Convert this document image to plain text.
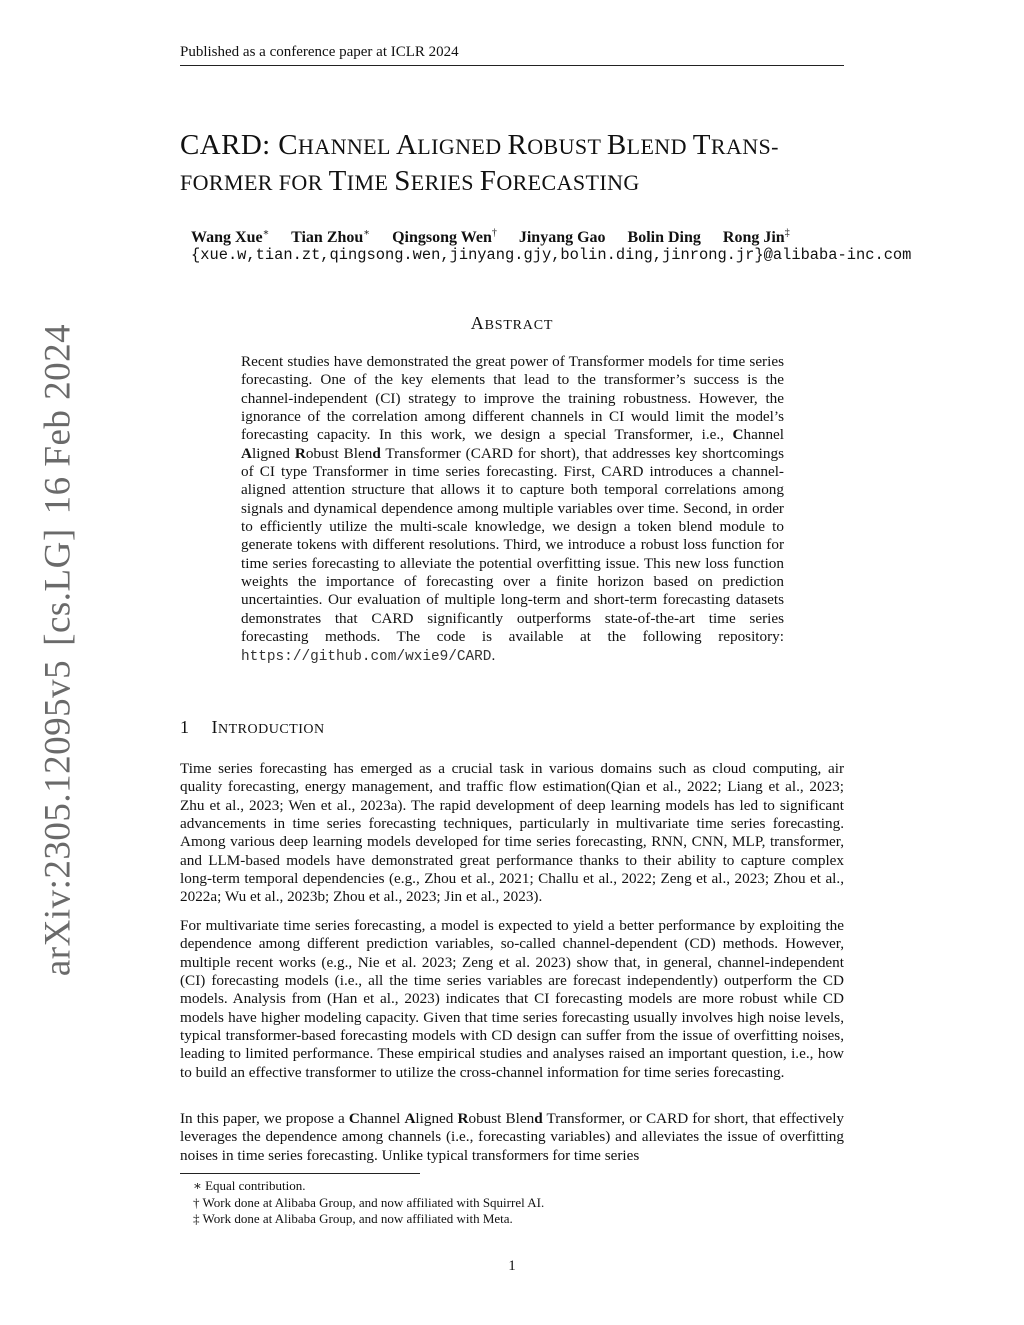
Published as a conference paper at ICLR 2024
arXiv:2305.12095v5[cs.LG]16 Feb 2024
CARD: CHANNEL ALIGNED ROBUST BLEND TRANS-
FORMER FOR TIME SERIES FORECASTING
Wang Xue∗ Tian Zhou∗ Qingsong Wen† Jinyang Gao Bolin Ding Rong Jin‡
{xue.w,tian.zt,qingsong.wen,jinyang.gjy,bolin.ding,jinrong.jr}@alibaba-inc.com
ABSTRACT
Recent studies have demonstrated the great power of Transformer models for time series forecasting. One of the key elements that lead to the transformer’s success is the channel-independent (CI) strategy to improve the training robustness. However, the ignorance of the correlation among different channels in CI would limit the model’s forecasting capacity. In this work, we design a special Transformer, i.e., Channel Aligned Robust Blend Transformer (CARD for short), that addresses key shortcomings of CI type Transformer in time series forecasting. First, CARD introduces a channel-aligned attention structure that allows it to capture both temporal correlations among signals and dynamical dependence among multiple variables over time. Second, in order to efficiently utilize the multi-scale knowledge, we design a token blend module to generate tokens with different resolutions. Third, we introduce a robust loss function for time series forecasting to alleviate the potential overfitting issue. This new loss function weights the importance of forecasting over a finite horizon based on prediction uncertainties. Our evaluation of multiple long-term and short-term forecasting datasets demonstrates that CARD significantly outperforms state-of-the-art time series forecasting methods. The code is available at the following repository: https://github.com/wxie9/CARD.
1 INTRODUCTION

Time series forecasting has emerged as a crucial task in various domains such as cloud computing, air quality forecasting, energy management, and traffic flow estimation(Qian et al., 2022; Liang et al., 2023; Zhu et al., 2023; Wen et al., 2023a). The rapid development of deep learning models has led to significant advancements in time series forecasting techniques, particularly in multivariate time series forecasting. Among various deep learning models developed for time series forecasting, RNN, CNN, MLP, transformer, and LLM-based models have demonstrated great performance thanks to their ability to capture complex long-term temporal dependencies (e.g., Zhou et al., 2021; Challu et al., 2022; Zeng et al., 2023; Zhou et al., 2022a; Wu et al., 2023b; Zhou et al., 2023; Jin et al., 2023).

For multivariate time series forecasting, a model is expected to yield a better performance by exploiting the dependence among different prediction variables, so-called channel-dependent (CD) methods. However, multiple recent works (e.g., Nie et al. 2023; Zeng et al. 2023) show that, in general, channel-independent (CI) forecasting models (i.e., all the time series variables are forecast independently) outperform the CD models. Analysis from (Han et al., 2023) indicates that CI forecasting models are more robust while CD models have higher modeling capacity. Given that time series forecasting usually involves high noise levels, typical transformer-based forecasting models with CD design can suffer from the issue of overfitting noises, leading to limited performance. These empirical studies and analyses raised an important question, i.e., how to build an effective transformer to utilize the cross-channel information for time series forecasting.

In this paper, we propose a Channel Aligned Robust Blend Transformer, or CARD for short, that effectively leverages the dependence among channels (i.e., forecasting variables) and alleviates the issue of overfitting noises in time series forecasting. Unlike typical transformers for time series

∗ Equal contribution.
† Work done at Alibaba Group, and now affiliated with Squirrel AI.
‡ Work done at Alibaba Group, and now affiliated with Meta.
1
